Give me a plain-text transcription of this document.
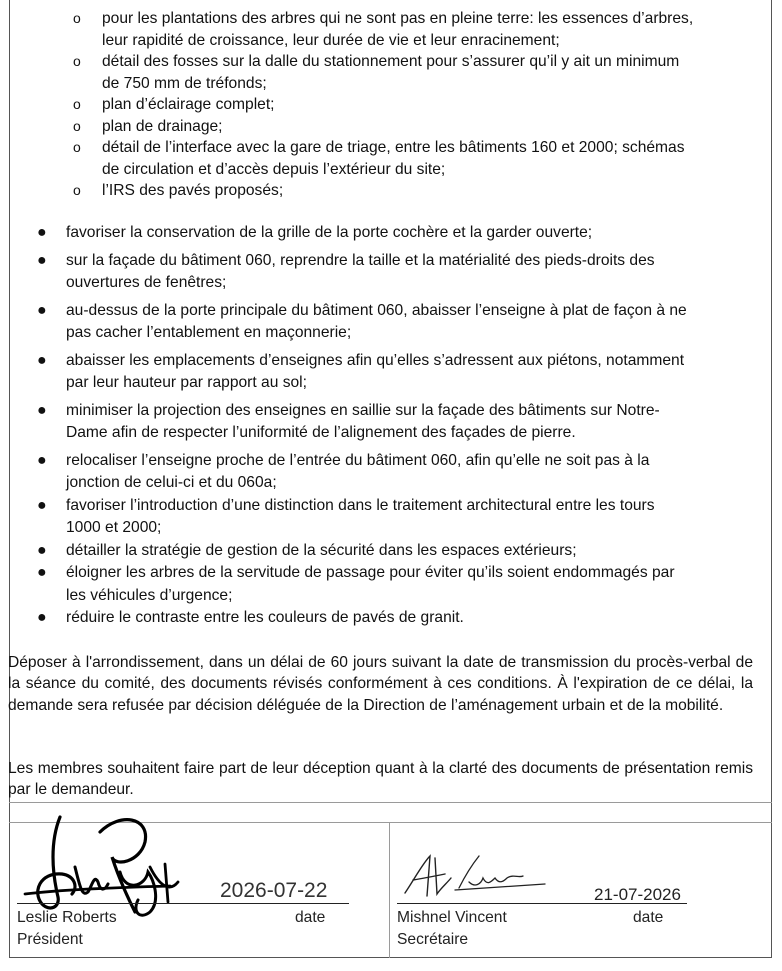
o pour les plantations des arbres qui ne sont pas en pleine terre: les essences d’arbres,
leur rapidité de croissance, leur durée de vie et leur enracinement;
o détail des fosses sur la dalle du stationnement pour s’assurer qu’il y ait un minimum
de 750 mm de tréfonds;
o plan d’éclairage complet;
o plan de drainage;
o détail de l’interface avec la gare de triage, entre les bâtiments 160 et 2000; schémas
de circulation et d’accès depuis l’extérieur du site;
o l’IRS des pavés proposés;
● favoriser la conservation de la grille de la porte cochère et la garder ouverte;
● sur la façade du bâtiment 060, reprendre la taille et la matérialité des pieds-droits des
ouvertures de fenêtres;
● au-dessus de la porte principale du bâtiment 060, abaisser l’enseigne à plat de façon à ne
pas cacher l’entablement en maçonnerie;
● abaisser les emplacements d’enseignes afin qu’elles s’adressent aux piétons, notamment
par leur hauteur par rapport au sol;
● minimiser la projection des enseignes en saillie sur la façade des bâtiments sur Notre-
Dame afin de respecter l’uniformité de l’alignement des façades de pierre.
● relocaliser l’enseigne proche de l’entrée du bâtiment 060, afin qu’elle ne soit pas à la
jonction de celui-ci et du 060a;
● favoriser l’introduction d’une distinction dans le traitement architectural entre les tours
1000 et 2000;
● détailler la stratégie de gestion de la sécurité dans les espaces extérieurs;
● éloigner les arbres de la servitude de passage pour éviter qu’ils soient endommagés par
les véhicules d’urgence;
● réduire le contraste entre les couleurs de pavés de granit.

Déposer à l'arrondissement, dans un délai de 60 jours suivant la date de transmission du procès-verbal de la séance du comité, des documents révisés conformément à ces conditions. À l'expiration de ce délai, la demande sera refusée par décision déléguée de la Direction de l’aménagement urbain et de la mobilité.

Les membres souhaitent faire part de leur déception quant à la clarté des documents de présentation remis par le demandeur.

2026-07-22
Leslie Roberts	date
Président
21-07-2026
Mishnel Vincent	date
Secrétaire
